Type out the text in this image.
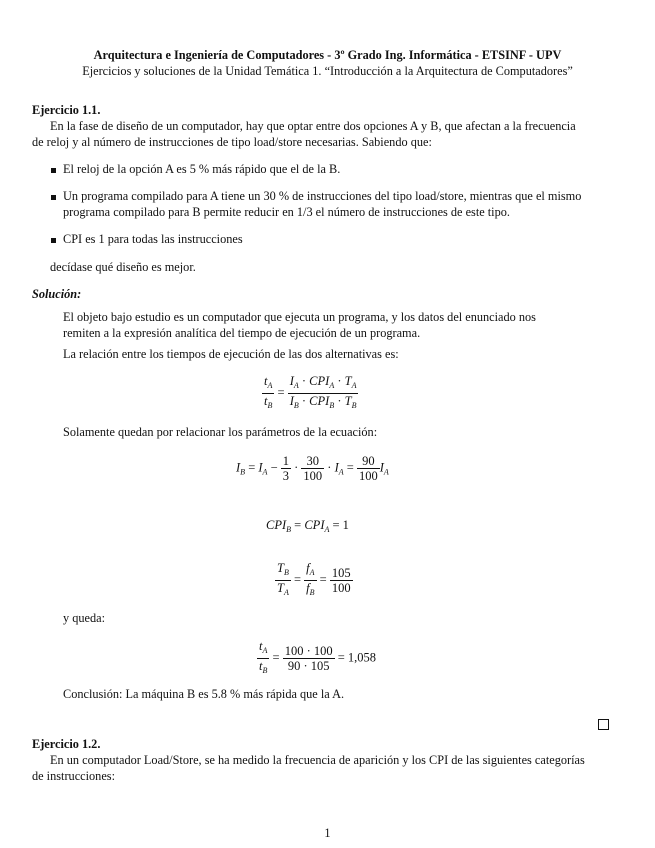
Arquitectura e Ingeniería de Computadores - 3º Grado Ing. Informática - ETSINF - UPV
Ejercicios y soluciones de la Unidad Temática 1. “Introducción a la Arquitectura de Computadores”
Ejercicio 1.1.
En la fase de diseño de un computador, hay que optar entre dos opciones A y B, que afectan a la frecuencia
de reloj y al número de instrucciones de tipo load/store necesarias. Sabiendo que:
El reloj de la opción A es 5 % más rápido que el de la B.
Un programa compilado para A tiene un 30 % de instrucciones del tipo load/store, mientras que el mismo
programa compilado para B permite reducir en 1/3 el número de instrucciones de este tipo.
CPI es 1 para todas las instrucciones
decídase qué diseño es mejor.
Solución:
El objeto bajo estudio es un computador que ejecuta un programa, y los datos del enunciado nos
remiten a la expresión analítica del tiempo de ejecución de un programa.
La relación entre los tiempos de ejecución de las dos alternativas es:
$\frac{t_A}{t_B} = \frac{I_A \cdot CPI_A \cdot T_A}{I_B \cdot CPI_B \cdot T_B}$
Solamente quedan por relacionar los parámetros de la ecuación:
$I_B = I_A - \frac{1}{3} \cdot \frac{30}{100} \cdot I_A = \frac{90}{100} I_A$
$CPI_B = CPI_A = 1$
$\frac{T_B}{T_A} = \frac{f_A}{f_B} = \frac{105}{100}$
y queda:
$\frac{t_A}{t_B} = \frac{100 \cdot 100}{90 \cdot 105} = 1,058$
Conclusión: La máquina B es 5.8 % más rápida que la A.
Ejercicio 1.2.
En un computador Load/Store, se ha medido la frecuencia de aparición y los CPI de las siguientes categorías
de instrucciones:
1
